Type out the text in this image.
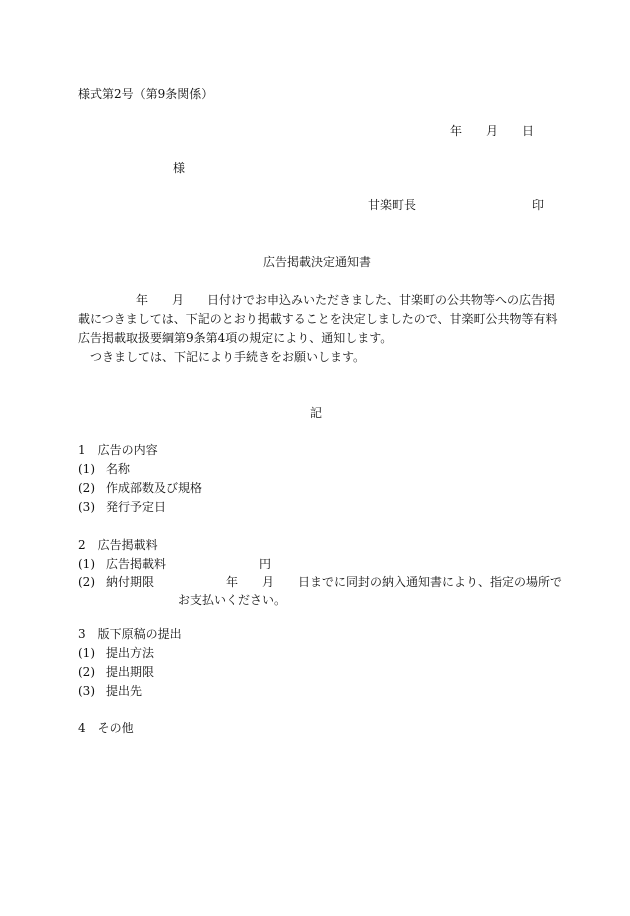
様式第2号（第9条関係）
年 月 日
様
甘楽町長	印
広告掲載決定通知書
年 月 日付けでお申込みいただきました、甘楽町の公共物等への広告掲
載につきましては、下記のとおり掲載することを決定しましたので、甘楽町公共物等有料
広告掲載取扱要綱第9条第4項の規定により、通知します。
つきましては、下記により手続きをお願いします。
記
1　広告の内容
(1) 名称
(2) 作成部数及び規格
(3) 発行予定日
2　広告掲載料
(1) 広告掲載料	円
(2) 納付期限	年 月 日までに同封の納入通知書により、指定の場所で
お支払いください。
3　版下原稿の提出
(1) 提出方法
(2) 提出期限
(3) 提出先
4　その他
